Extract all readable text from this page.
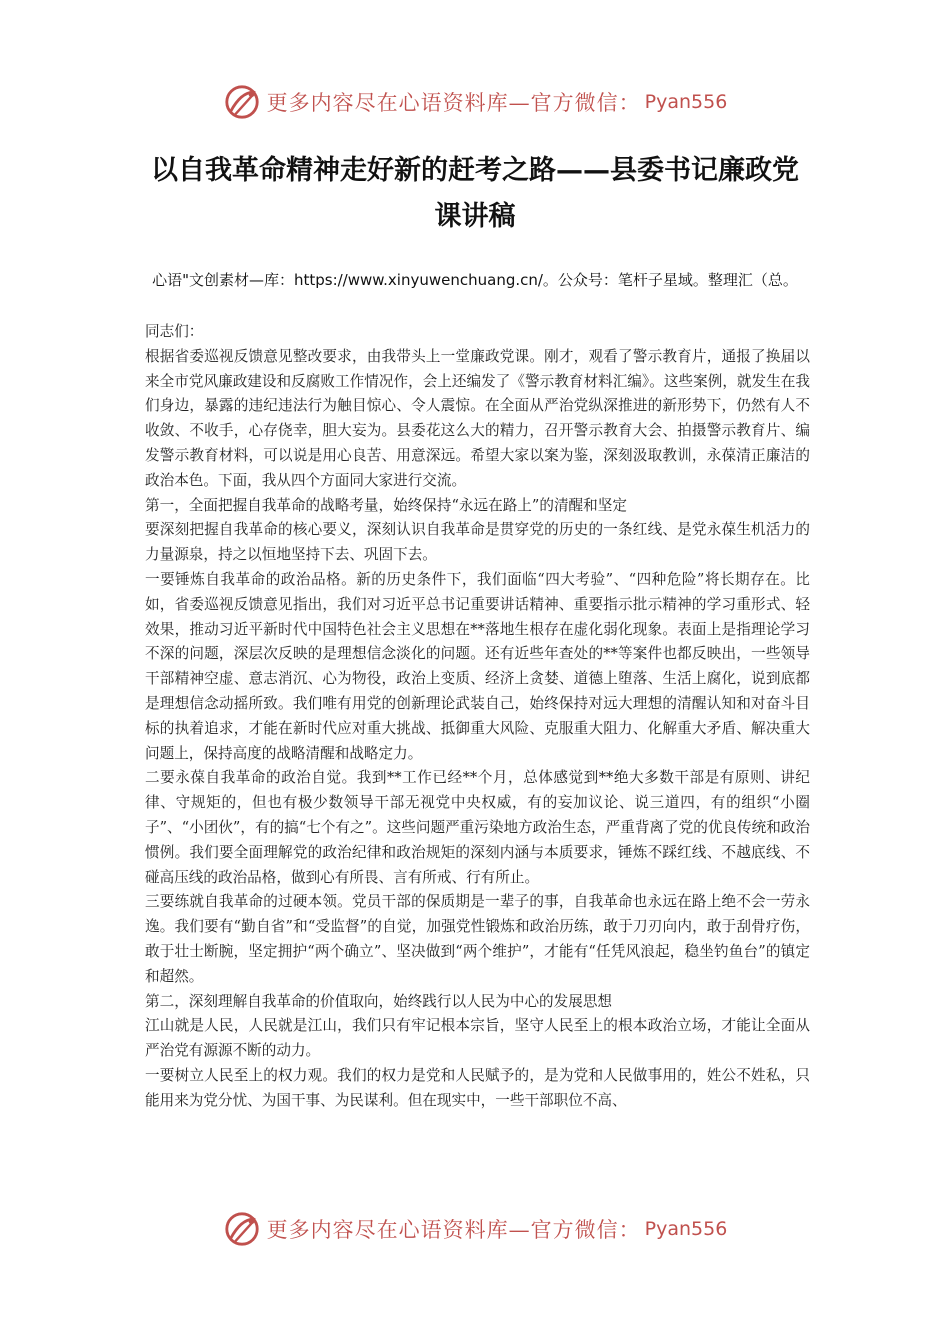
更多内容尽在心语资料库—官方微信： Pyan556
以自我革命精神走好新的赶考之路——县委书记廉政党课讲稿

心语"文创素材—库：https://www.xinyuwenchuang.cn/。公众号：笔杆子星域。整理汇（总。

同志们：

根据省委巡视反馈意见整改要求，由我带头上一堂廉政党课。刚才，观看了警示教育片，通报了换届以来全市党风廉政建设和反腐败工作情况作，会上还编发了《警示教育材料汇编》。这些案例，就发生在我们身边，暴露的违纪违法行为触目惊心、令人震惊。在全面从严治党纵深推进的新形势下，仍然有人不收敛、不收手，心存侥幸，胆大妄为。县委花这么大的精力，召开警示教育大会、拍摄警示教育片、编发警示教育材料，可以说是用心良苦、用意深远。希望大家以案为鉴，深刻汲取教训，永葆清正廉洁的政治本色。下面，我从四个方面同大家进行交流。

第一，全面把握自我革命的战略考量，始终保持“永远在路上”的清醒和坚定

要深刻把握自我革命的核心要义，深刻认识自我革命是贯穿党的历史的一条红线、是党永葆生机活力的力量源泉，持之以恒地坚持下去、巩固下去。

一要锤炼自我革命的政治品格。新的历史条件下，我们面临“四大考验”、“四种危险”将长期存在。比如，省委巡视反馈意见指出，我们对习近平总书记重要讲话精神、重要指示批示精神的学习重形式、轻效果，推动习近平新时代中国特色社会主义思想在**落地生根存在虚化弱化现象。表面上是指理论学习不深的问题，深层次反映的是理想信念淡化的问题。还有近些年查处的**等案件也都反映出，一些领导干部精神空虚、意志消沉、心为物役，政治上变质、经济上贪婪、道德上堕落、生活上腐化，说到底都是理想信念动摇所致。我们唯有用党的创新理论武装自己，始终保持对远大理想的清醒认知和对奋斗目标的执着追求，才能在新时代应对重大挑战、抵御重大风险、克服重大阻力、化解重大矛盾、解决重大问题上，保持高度的战略清醒和战略定力。

二要永葆自我革命的政治自觉。我到**工作已经**个月，总体感觉到**绝大多数干部是有原则、讲纪律、守规矩的，但也有极少数领导干部无视党中央权威，有的妄加议论、说三道四，有的组织“小圈子”、“小团伙”，有的搞“七个有之”。这些问题严重污染地方政治生态，严重背离了党的优良传统和政治惯例。我们要全面理解党的政治纪律和政治规矩的深刻内涵与本质要求，锤炼不踩红线、不越底线、不碰高压线的政治品格，做到心有所畏、言有所戒、行有所止。

三要练就自我革命的过硬本领。党员干部的保质期是一辈子的事，自我革命也永远在路上绝不会一劳永逸。我们要有“勤自省”和“受监督”的自觉，加强党性锻炼和政治历练，敢于刀刃向内，敢于刮骨疗伤，敢于壮士断腕，坚定拥护“两个确立”、坚决做到“两个维护”，才能有“任凭风浪起，稳坐钓鱼台”的镇定和超然。

第二，深刻理解自我革命的价值取向，始终践行以人民为中心的发展思想

江山就是人民，人民就是江山，我们只有牢记根本宗旨，坚守人民至上的根本政治立场，才能让全面从严治党有源源不断的动力。

一要树立人民至上的权力观。我们的权力是党和人民赋予的，是为党和人民做事用的，姓公不姓私，只能用来为党分忧、为国干事、为民谋利。但在现实中，一些干部职位不高、

更多内容尽在心语资料库—官方微信： Pyan556
